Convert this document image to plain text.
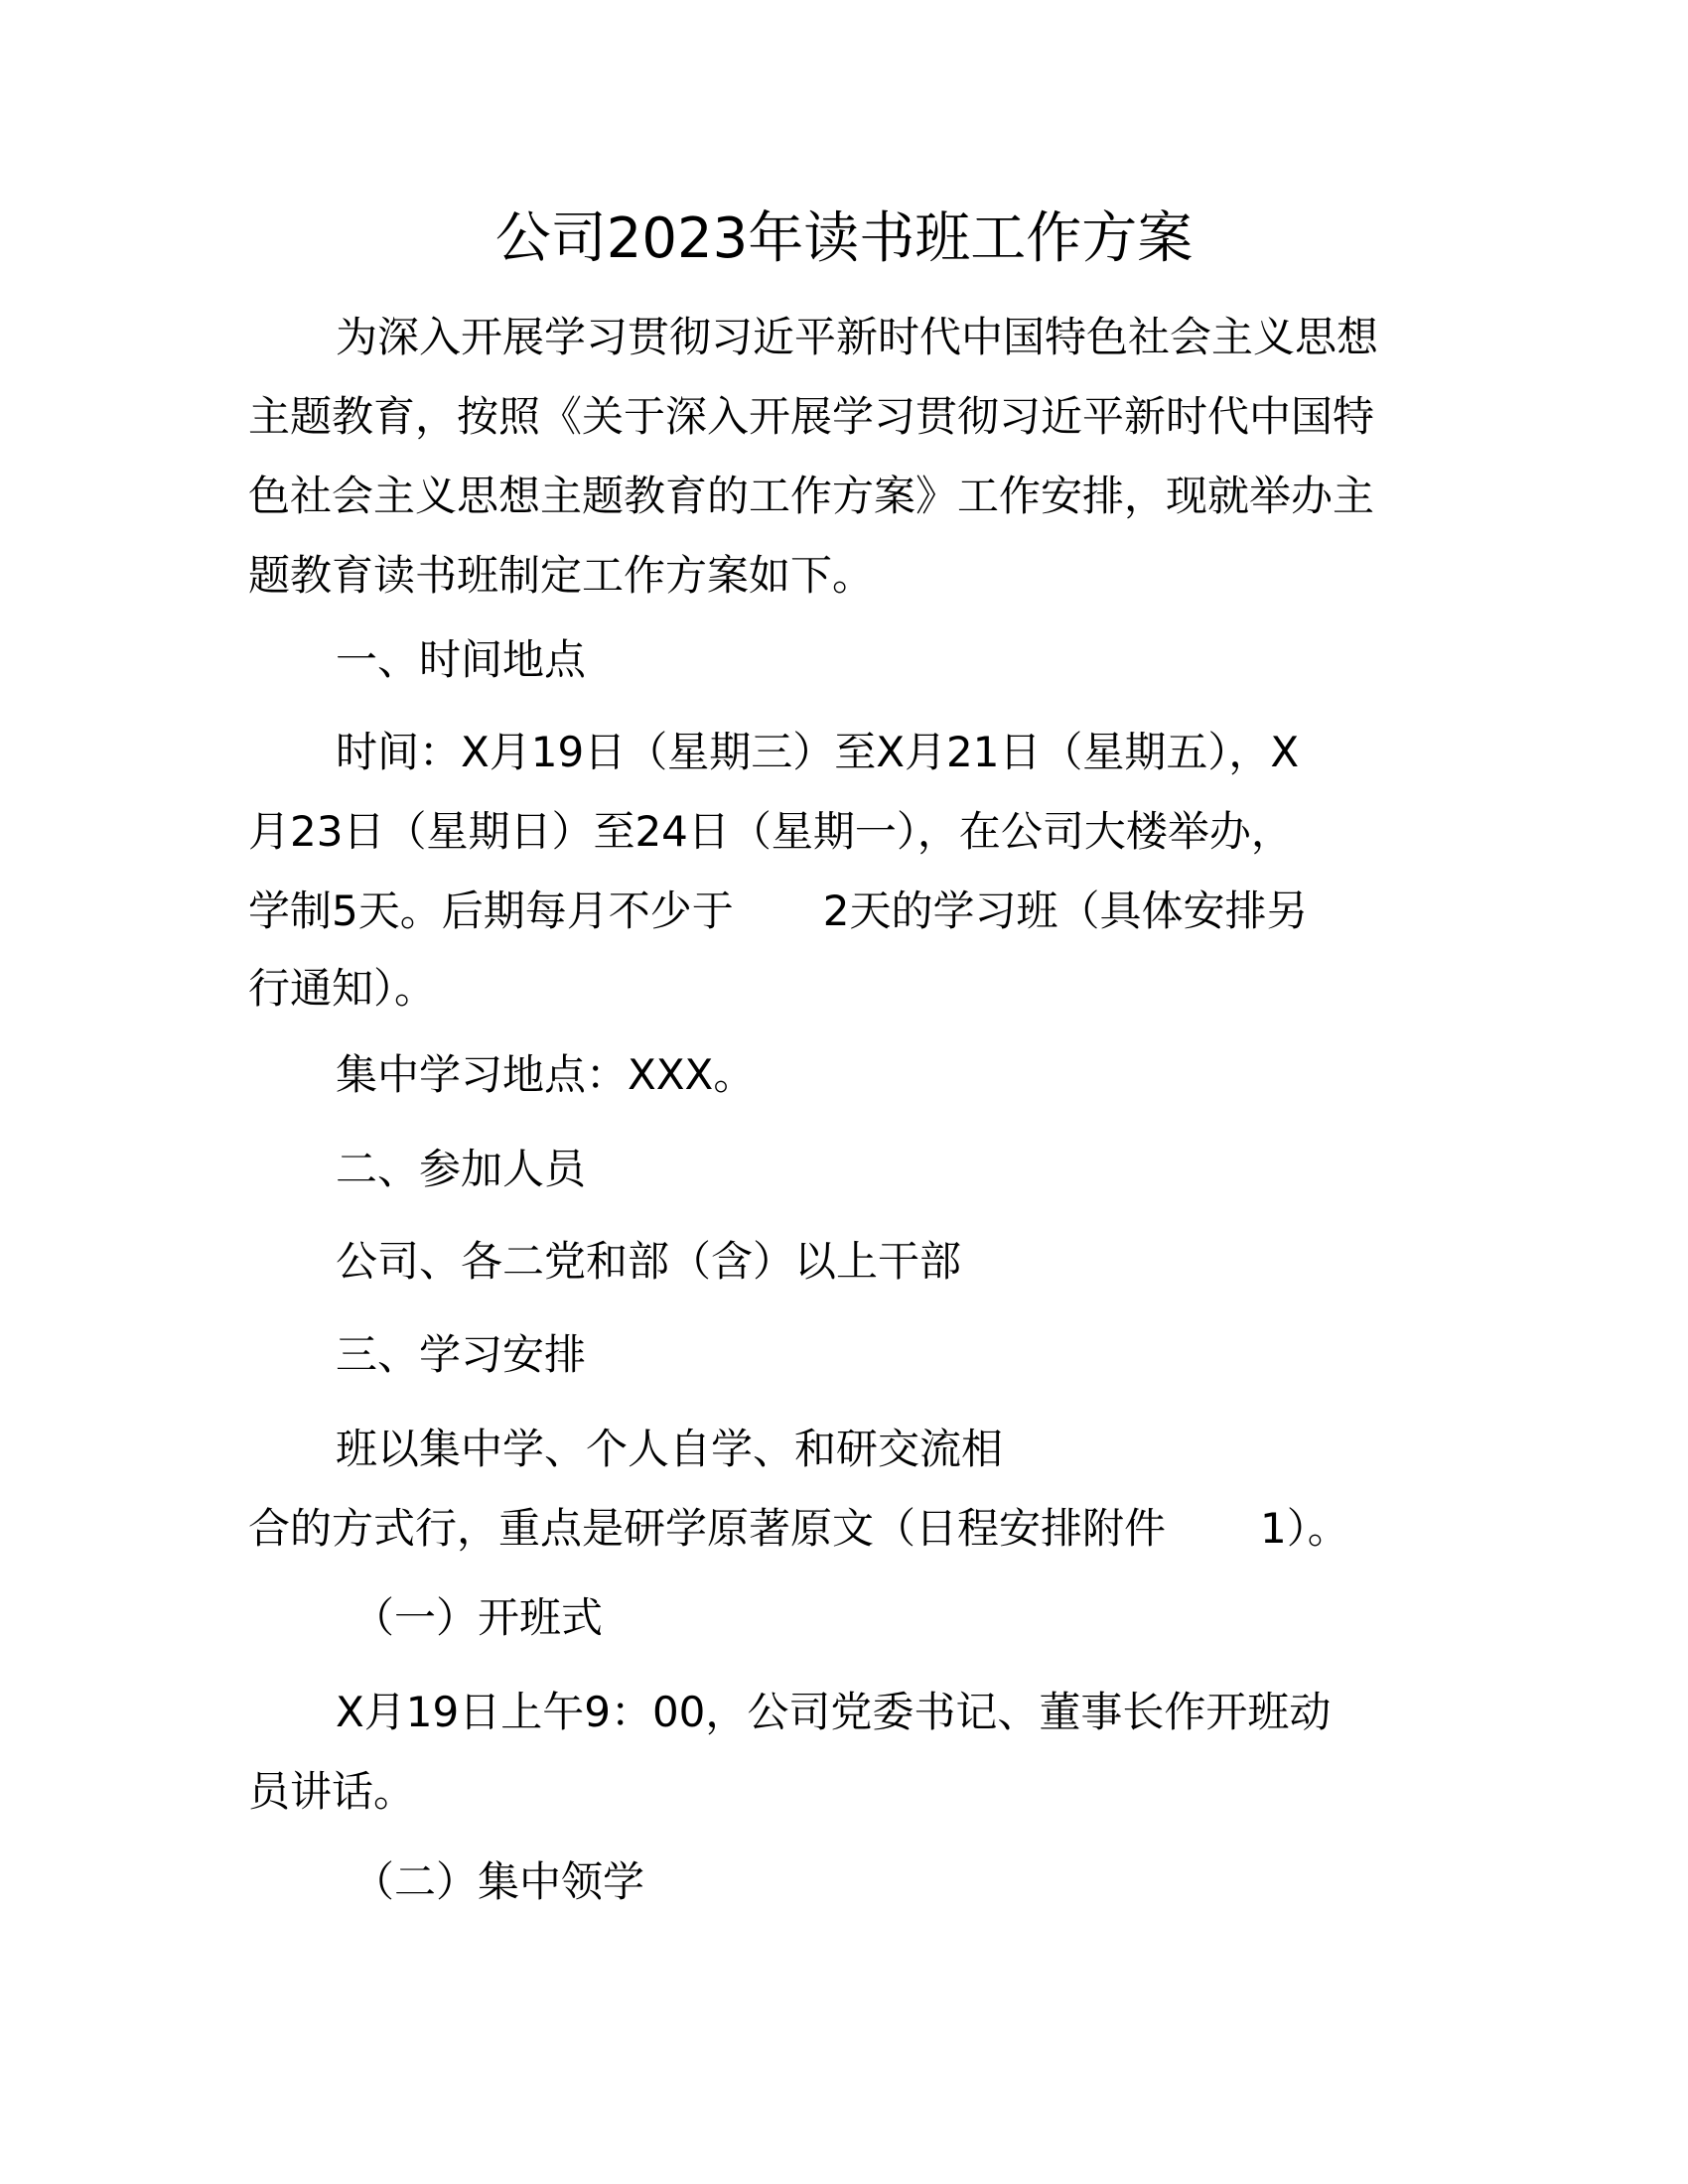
公司2023年读书班工作方案
为深入开展学习贯彻习近平新时代中国特色社会主义思想
主题教育，按照《关于深入开展学习贯彻习近平新时代中国特
色社会主义思想主题教育的工作方案》工作安排，现就举办主
题教育读书班制定工作方案如下。
一、时间地点
时间：X月19日（星期三）至X月21日（星期五），X
月23日（星期日）至24日（星期一），在公司大楼举办，
学制5天。后期每月不少于 2天的学习班（具体安排另
行通知）。
集中学习地点：XXX。
二、参加人员
公司、各二党和部（含）以上干部
三、学习安排
班以集中学、个人自学、和研交流相
合的方式行，重点是研学原著原文（日程安排附件 1）。
（一）开班式
X月19日上午9：00，公司党委书记、董事长作开班动
员讲话。
（二）集中领学
